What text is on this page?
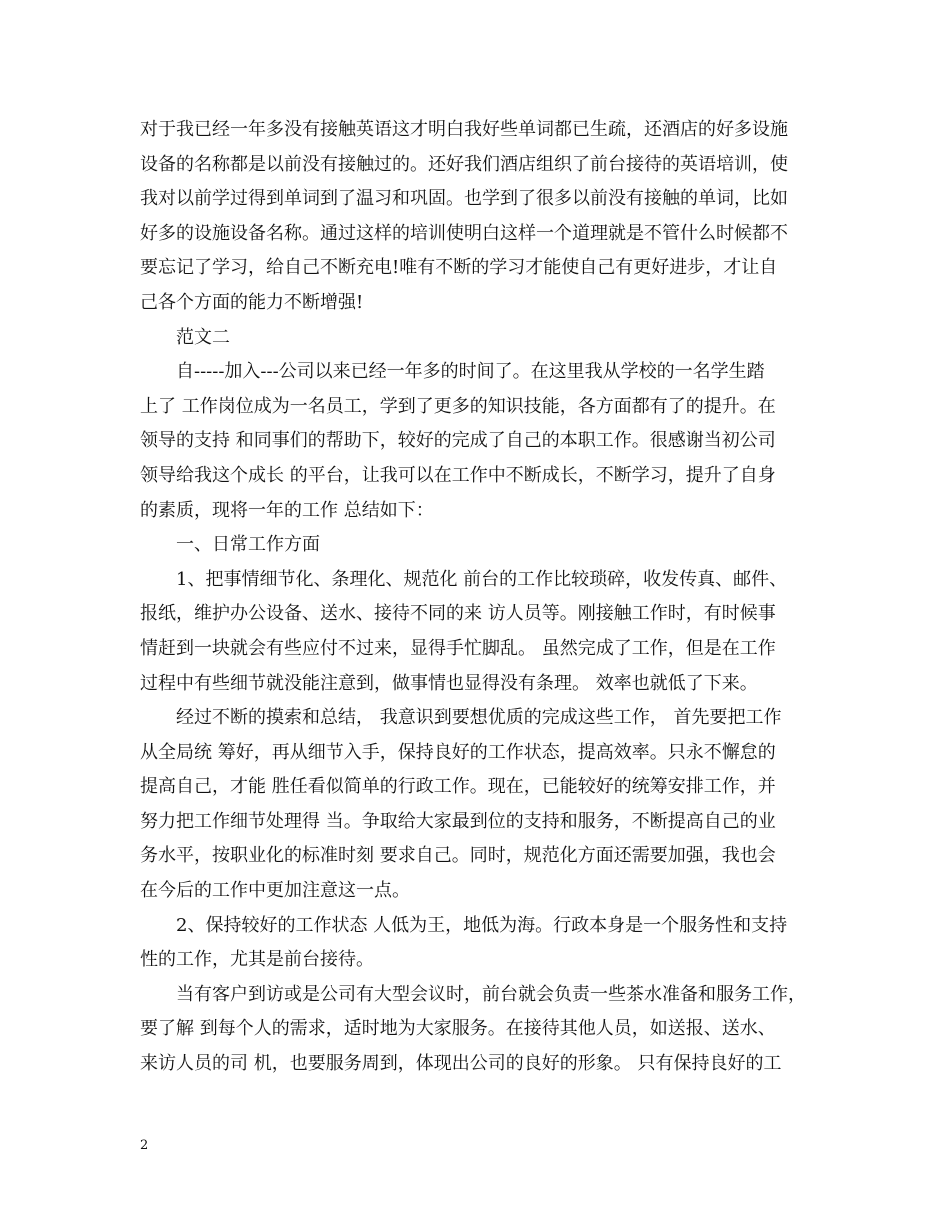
对于我已经一年多没有接触英语这才明白我好些单词都已生疏，还酒店的好多设施
设备的名称都是以前没有接触过的。还好我们酒店组织了前台接待的英语培训，使
我对以前学过得到单词到了温习和巩固。也学到了很多以前没有接触的单词，比如
好多的设施设备名称。通过这样的培训使明白这样一个道理就是不管什么时候都不
要忘记了学习，给自己不断充电!唯有不断的学习才能使自己有更好进步，才让自
己各个方面的能力不断增强!
　　范文二
　　自-----加入---公司以来已经一年多的时间了。在这里我从学校的一名学生踏
上了 工作岗位成为一名员工，学到了更多的知识技能，各方面都有了的提升。在
领导的支持 和同事们的帮助下，较好的完成了自己的本职工作。很感谢当初公司
领导给我这个成长 的平台，让我可以在工作中不断成长，不断学习，提升了自身
的素质，现将一年的工作 总结如下：
　　一、日常工作方面
　　1、把事情细节化、条理化、规范化 前台的工作比较琐碎，收发传真、邮件、
报纸，维护办公设备、送水、接待不同的来 访人员等。刚接触工作时，有时候事
情赶到一块就会有些应付不过来，显得手忙脚乱。 虽然完成了工作，但是在工作
过程中有些细节就没能注意到，做事情也显得没有条理。 效率也就低了下来。
　　经过不断的摸索和总结， 我意识到要想优质的完成这些工作， 首先要把工作
从全局统 筹好，再从细节入手，保持良好的工作状态，提高效率。只永不懈怠的
提高自己，才能 胜任看似简单的行政工作。现在，已能较好的统筹安排工作，并
努力把工作细节处理得 当。争取给大家最到位的支持和服务，不断提高自己的业
务水平，按职业化的标准时刻 要求自己。同时，规范化方面还需要加强，我也会
在今后的工作中更加注意这一点。
　　2、保持较好的工作状态 人低为王，地低为海。行政本身是一个服务性和支持
性的工作，尤其是前台接待。
　　当有客户到访或是公司有大型会议时，前台就会负责一些茶水准备和服务工作，
要了解 到每个人的需求，适时地为大家服务。在接待其他人员，如送报、送水、
来访人员的司 机，也要服务周到，体现出公司的良好的形象。 只有保持良好的工
2
